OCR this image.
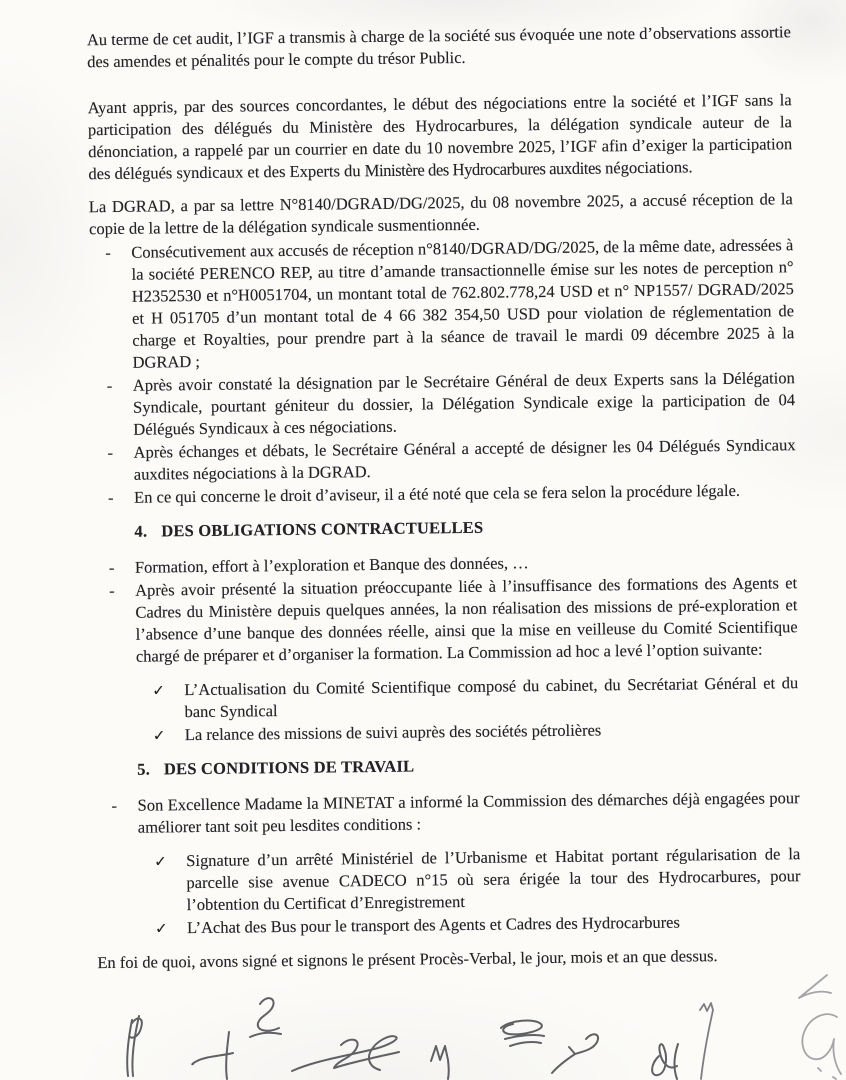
Au terme de cet audit, l’IGF a transmis à charge de la société sus évoquée une note d’observations assortie des amendes et pénalités pour le compte du trésor Public.

Ayant appris, par des sources concordantes, le début des négociations entre la société et l’IGF sans la participation des délégués du Ministère des Hydrocarbures, la délégation syndicale auteur de la dénonciation, a rappelé par un courrier en date du 10 novembre 2025, l’IGF afin d’exiger la participation des délégués syndicaux et des Experts du Ministère des Hydrocarbures auxdites négociations.

La DGRAD, a par sa lettre N°8140/DGRAD/DG/2025, du 08 novembre 2025, a accusé réception de la copie de la lettre de la délégation syndicale susmentionnée.

-	Consécutivement aux accusés de réception n°8140/DGRAD/DG/2025, de la même date, adressées à la société PERENCO REP, au titre d’amande transactionnelle émise sur les notes de perception n° H2352530 et n°H0051704, un montant total de 762.802.778,24 USD et n° NP1557/ DGRAD/2025 et H 051705 d’un montant total de 4 66 382 354,50 USD pour violation de réglementation de charge et Royalties, pour prendre part à la séance de travail le mardi 09 décembre 2025 à la DGRAD ;
-	Après avoir constaté la désignation par le Secrétaire Général de deux Experts sans la Délégation Syndicale, pourtant géniteur du dossier, la Délégation Syndicale exige la participation de 04 Délégués Syndicaux à ces négociations.
-	Après échanges et débats, le Secrétaire Général a accepté de désigner les 04 Délégués Syndicaux auxdites négociations à la DGRAD.
-	En ce qui concerne le droit d’aviseur, il a été noté que cela se fera selon la procédure légale.
4. DES OBLIGATIONS CONTRACTUELLES
-	Formation, effort à l’exploration et Banque des données, …
-	Après avoir présenté la situation préoccupante liée à l’insuffisance des formations des Agents et Cadres du Ministère depuis quelques années, la non réalisation des missions de pré-exploration et l’absence d’une banque des données réelle, ainsi que la mise en veilleuse du Comité Scientifique chargé de préparer et d’organiser la formation. La Commission ad hoc a levé l’option suivante:
✓	L’Actualisation du Comité Scientifique composé du cabinet, du Secrétariat Général et du banc Syndical
✓	La relance des missions de suivi auprès des sociétés pétrolières
5. DES CONDITIONS DE TRAVAIL
-	Son Excellence Madame la MINETAT a informé la Commission des démarches déjà engagées pour améliorer tant soit peu lesdites conditions :
✓	Signature d’un arrêté Ministériel de l’Urbanisme et Habitat portant régularisation de la parcelle sise avenue CADECO n°15 où sera érigée la tour des Hydrocarbures, pour l’obtention du Certificat d’Enregistrement
✓	L’Achat des Bus pour le transport des Agents et Cadres des Hydrocarbures

En foi de quoi, avons signé et signons le présent Procès-Verbal, le jour, mois et an que dessus.
